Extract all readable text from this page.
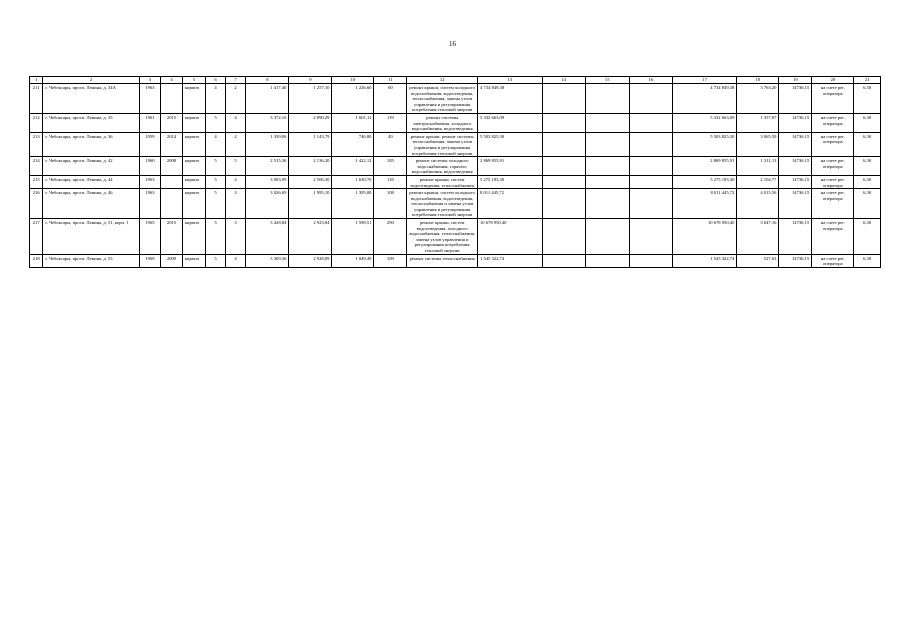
16
1	2	3	4	5	6	7	8	9	10	11	12	13	14	15	16	17	18	19	20	21
211	г. Чебоксары, просп. Ленина, д. 34А	1963		кирпич	4	2	1 417,40	1 257,10	1 226,60	60	ремонт крыши, систем холодного водоснабжения, водоотведения, теплоснабжения, замена узлов управления и регулирования потребления тепловой энергии	4 734 849,38				4 734 849,38	3 763,20	14736,15	на счете рег. оператора	6,30
212	г. Чебоксары, просп. Ленина, д. 35	1961	2015	кирпич	5	4	3 372,16	2 890,29	1 601,11	119	ремонт системы электроснабжения, холодного водоснабжения, водоотведения	5 332 663,09				5 332 663,09	1 357,87	14736,15	на счете рег. оператора	6,30
213	г. Чебоксары, просп. Ленина, д. 36	1959	2014	кирпич	4	2	1 339,06	1 143,79	746,80	49	ремонт крыши, ремонт системы теплоснабжения, замена узлов управления и регулирования потребления тепловой энергии	5 503 825,30				5 503 825,30	3 065,59	14736,15	на счете рег. оператора	6,30
214	г. Чебоксары, просп. Ленина, д. 42	1960	2008	кирпич	5	5	2 515,36	2 136,20	1 422,12	185	ремонт системы холодного водоснабжения, горячего водоснабжения, водоотведения	2 869 855,91				2 869 855,91	1 311,13	14736,15	на счете рег. оператора	6,30
215	г. Чебоксары, просп. Ленина, д. 44	1963		кирпич	5	4	3 003,99	2 506,30	1 630,70	118	ремонт крыши, систем водоотведения, теплоснабжения	5 275 183,30				5 275 183,30	2 104,77	14736,15	на счете рег. оператора	6,30
216	г. Чебоксары, просп. Ленина, д. 46	1963		кирпич	5	3	3 026,69	1 995,10	1 395,00	108	ремонт крыши, систем холодного водоснабжения, водоотведения, теплоснабжения и замена узлов управления и регулирования потребления тепловой энергии	8 011 445,72				8 011 445,72	4 015,56	14736,15	на счете рег. оператора	6,30
217	г. Чебоксары, просп. Ленина, д. 51, корп. 1	1965	2015	кирпич	5	3	3 428,84	2 923,84	1 598,51	290	ремонт крыши, систем водоотведения, холодного водоснабжения, теплоснабжения, замена узлов управления и регулирования потребления тепловой энергии	10 678 950,40				10 678 950,40	3 647,16	14736,15	на счете рег. оператора	6,30
218	г. Чебоксары, просп. Ленина, д. 53	1969	2009	кирпич	5	4	3 309,36	2 928,09	1 849,49	109	ремонт системы теплоснабжения	1 545 322,74				1 545 322,74	527,63	14736,15	на счете рег. оператора	6,30
